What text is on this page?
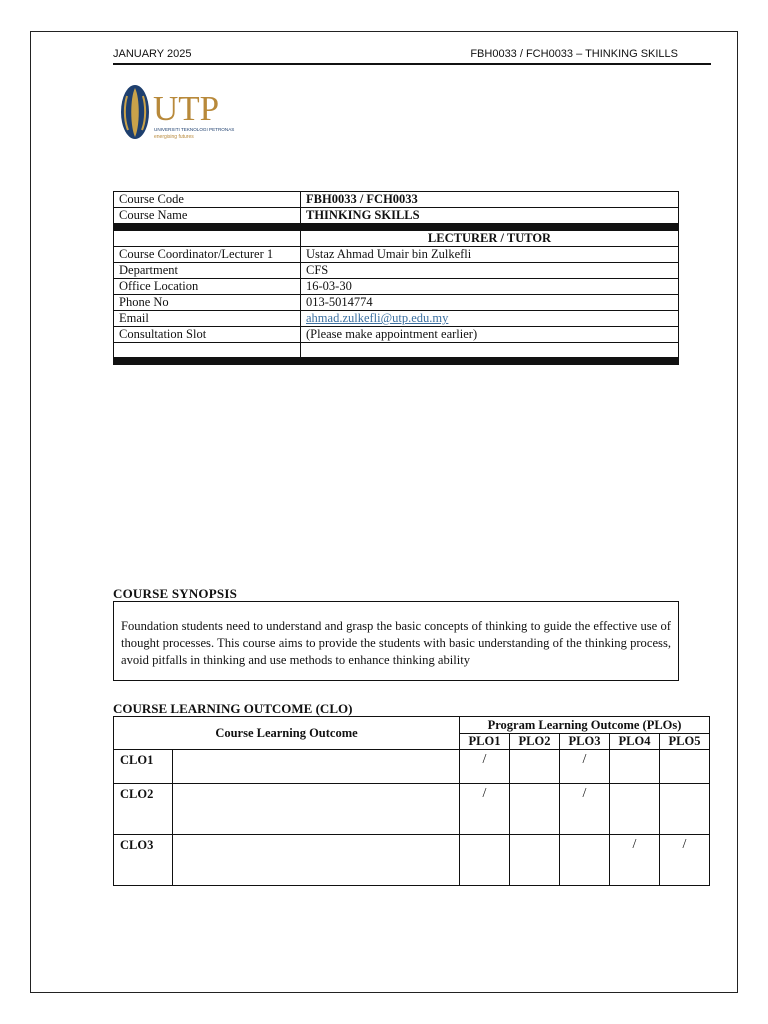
JANUARY 2025	FBH0033 / FCH0033 – THINKING SKILLS
UTP
UNIVERSITI TEKNOLOGI PETRONAS
energising futures
Course Code	FBH0033 / FCH0033
Course Name	THINKING SKILLS

	LECTURER / TUTOR
Course Coordinator/Lecturer 1	Ustaz Ahmad Umair bin Zulkefli
Department	CFS
Office Location	16-03-30
Phone No	013-5014774
Email	ahmad.zulkefli@utp.edu.my
Consultation Slot	(Please make appointment earlier)

COURSE SYNOPSIS
Foundation students need to understand and grasp the basic concepts of thinking to guide the effective use of thought processes. This course aims to provide the students with basic understanding of the thinking process, avoid pitfalls in thinking and use methods to enhance thinking ability
COURSE LEARNING OUTCOME (CLO)
Course Learning Outcome		Program Learning Outcome (PLOs)				
		PLO1	PLO2	PLO3	PLO4	PLO5
CLO1		/		/		
CLO2		/		/		
CLO3					/	/
